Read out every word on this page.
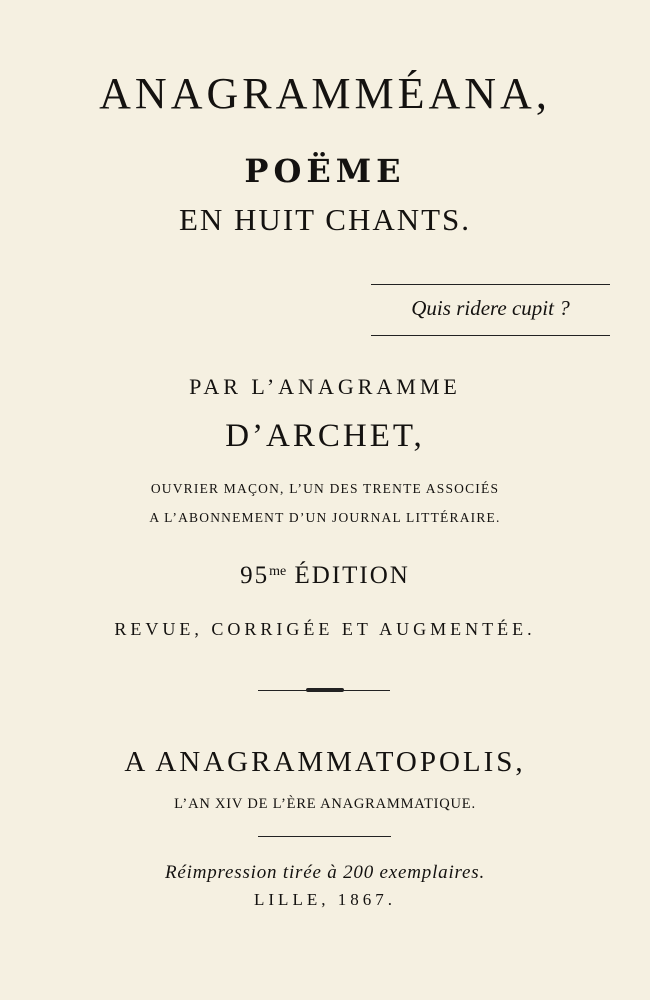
ANAGRAMMÉANA,
POËME
EN HUIT CHANTS.
Quis ridere cupit ?
PAR L’ANAGRAMME
D’ARCHET,
OUVRIER MAÇON, L’UN DES TRENTE ASSOCIÉS
A L’ABONNEMENT D’UN JOURNAL LITTÉRAIRE.
$95^{me}$ ÉDITION
REVUE, CORRIGÉE ET AUGMENTÉE.
A ANAGRAMMATOPOLIS,
L’AN XIV DE L’ÈRE ANAGRAMMATIQUE.
Réimpression tirée à 200 exemplaires.
LILLE, 1867.
